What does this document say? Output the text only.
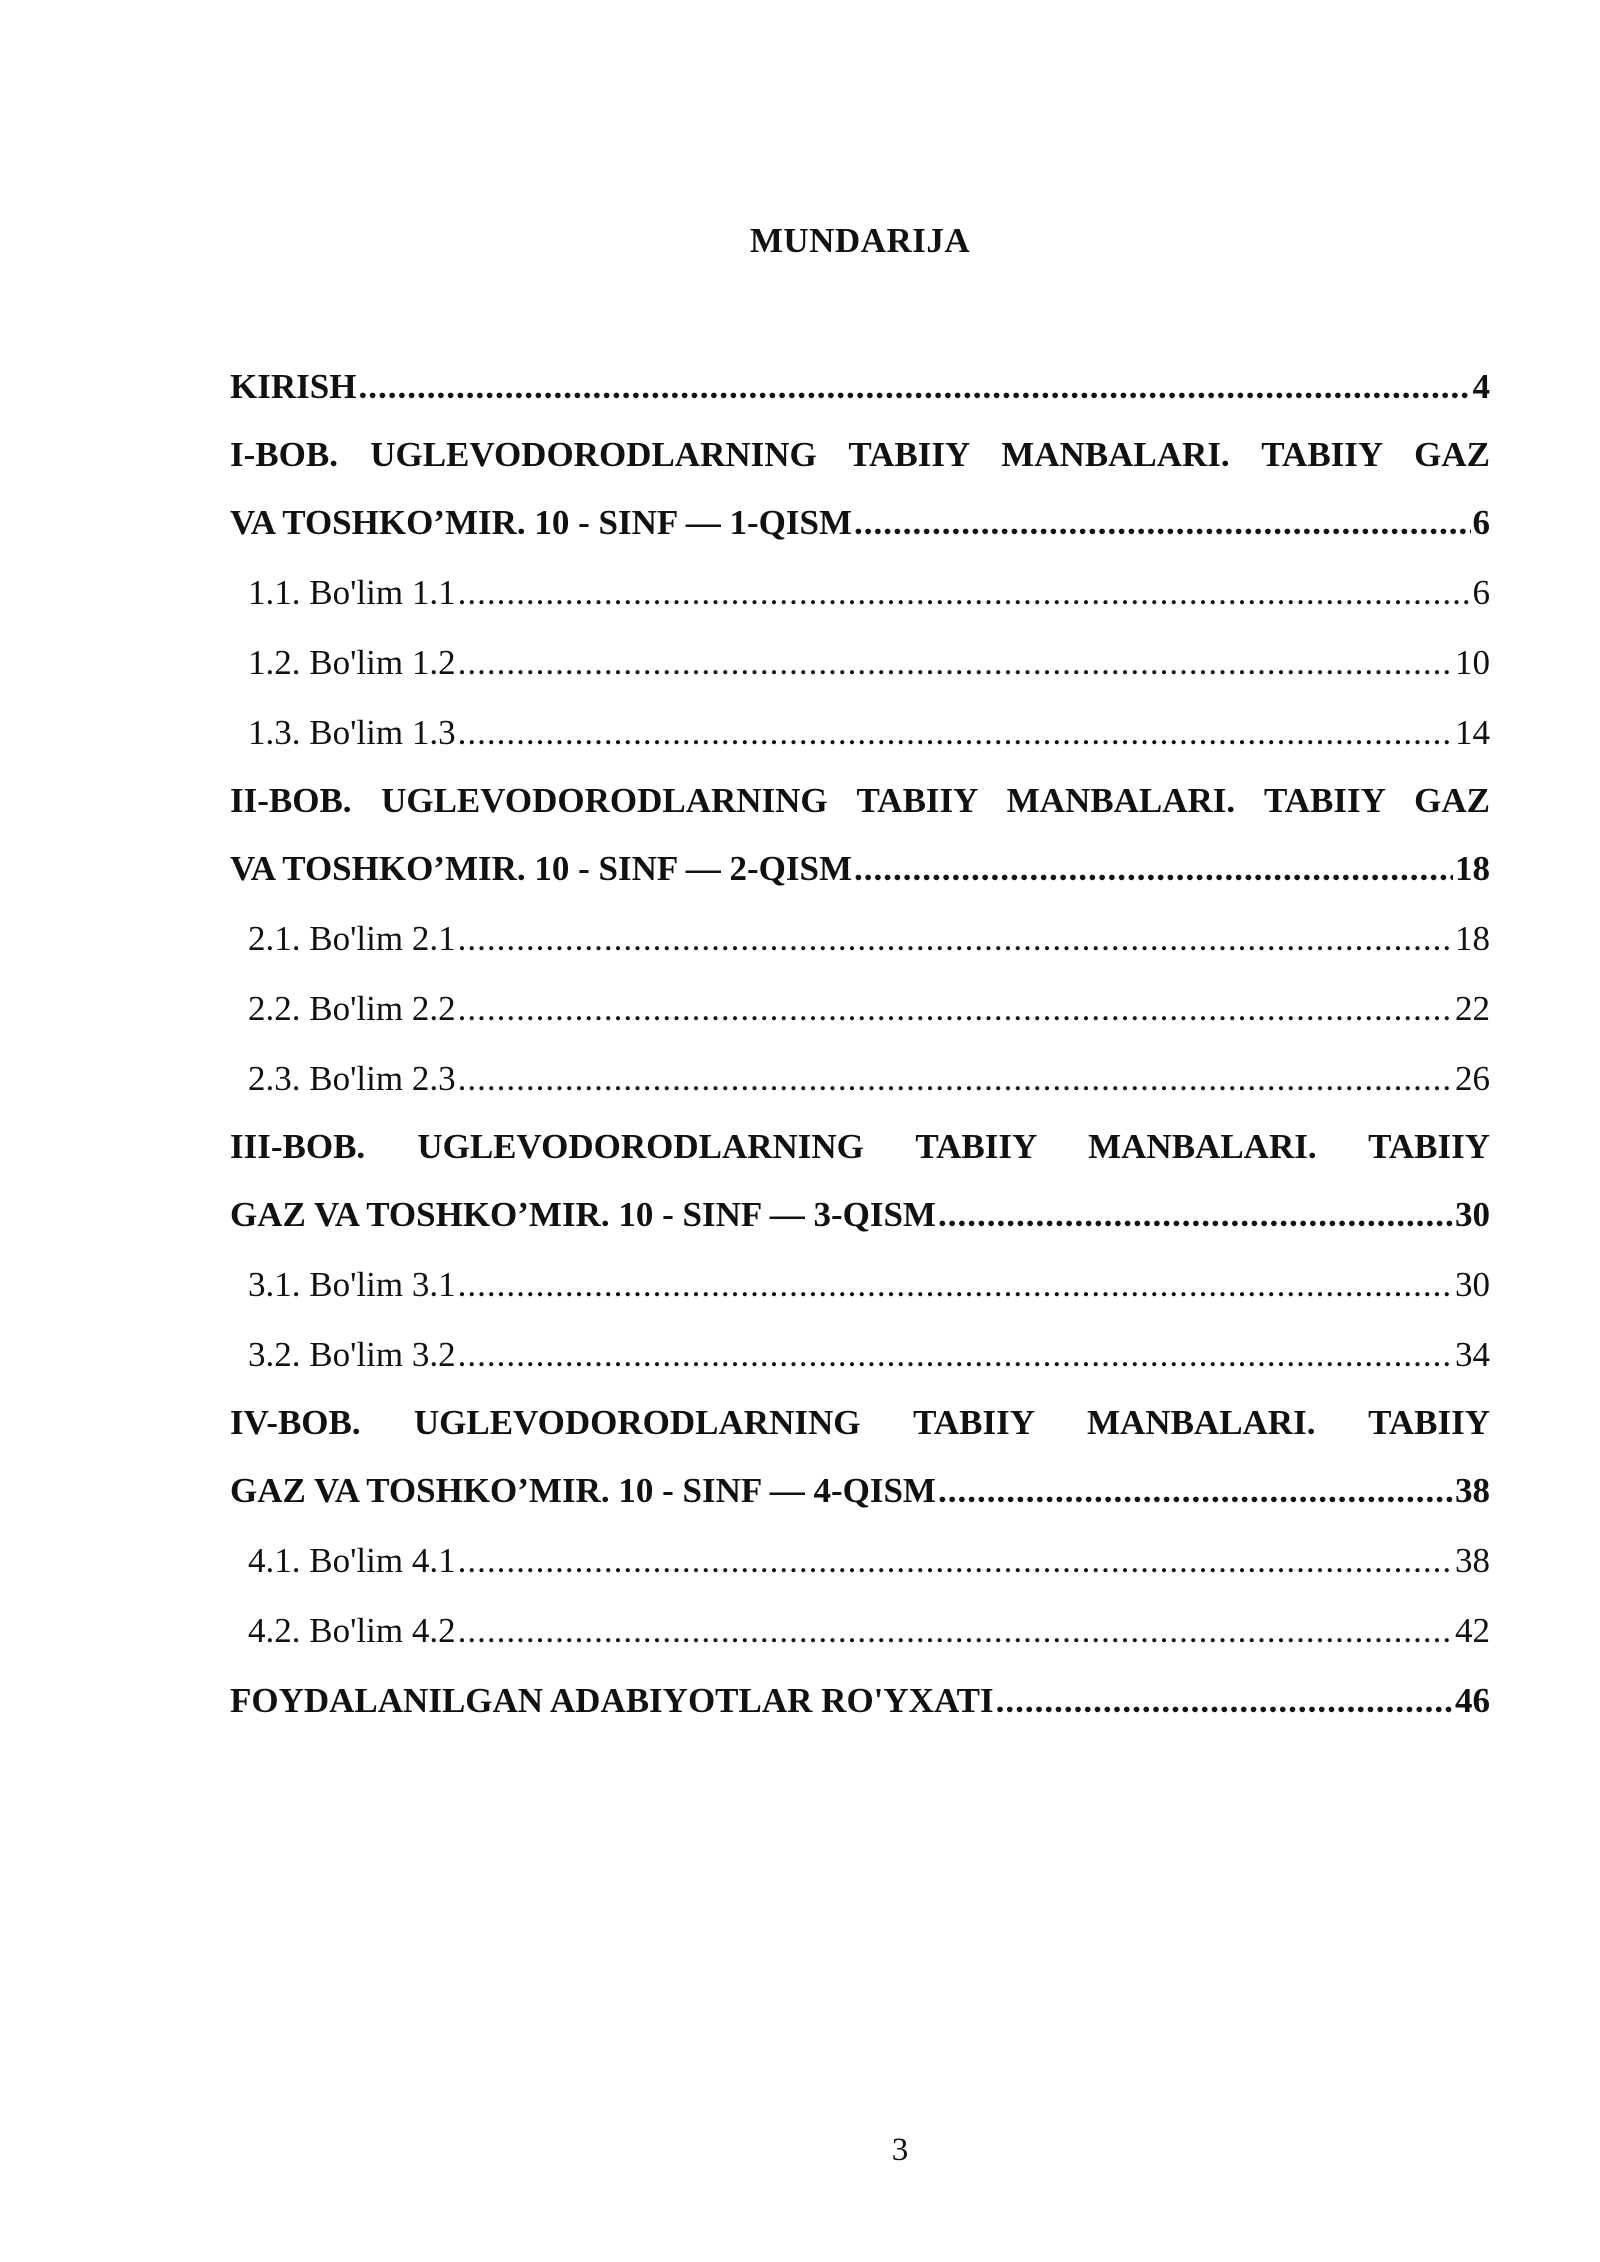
MUNDARIJA
KIRISH .....	4
I-BOB. UGLEVODORODLARNING TABIIY MANBALARI. TABIIY GAZ
VA TOSHKO’MIR. 10 - SINF — 1-QISM .....	6
1.1. Bo'lim 1.1 .....	6
1.2. Bo'lim 1.2 .....	10
1.3. Bo'lim 1.3 .....	14
II-BOB. UGLEVODORODLARNING TABIIY MANBALARI. TABIIY GAZ
VA TOSHKO’MIR. 10 - SINF — 2-QISM .....	18
2.1. Bo'lim 2.1 .....	18
2.2. Bo'lim 2.2 .....	22
2.3. Bo'lim 2.3 .....	26
III-BOB. UGLEVODORODLARNING TABIIY MANBALARI. TABIIY
GAZ VA TOSHKO’MIR. 10 - SINF — 3-QISM .....	30
3.1. Bo'lim 3.1 .....	30
3.2. Bo'lim 3.2 .....	34
IV-BOB. UGLEVODORODLARNING TABIIY MANBALARI. TABIIY
GAZ VA TOSHKO’MIR. 10 - SINF — 4-QISM .....	38
4.1. Bo'lim 4.1 .....	38
4.2. Bo'lim 4.2 .....	42
FOYDALANILGAN ADABIYOTLAR RO'YXATI .....	46
3
